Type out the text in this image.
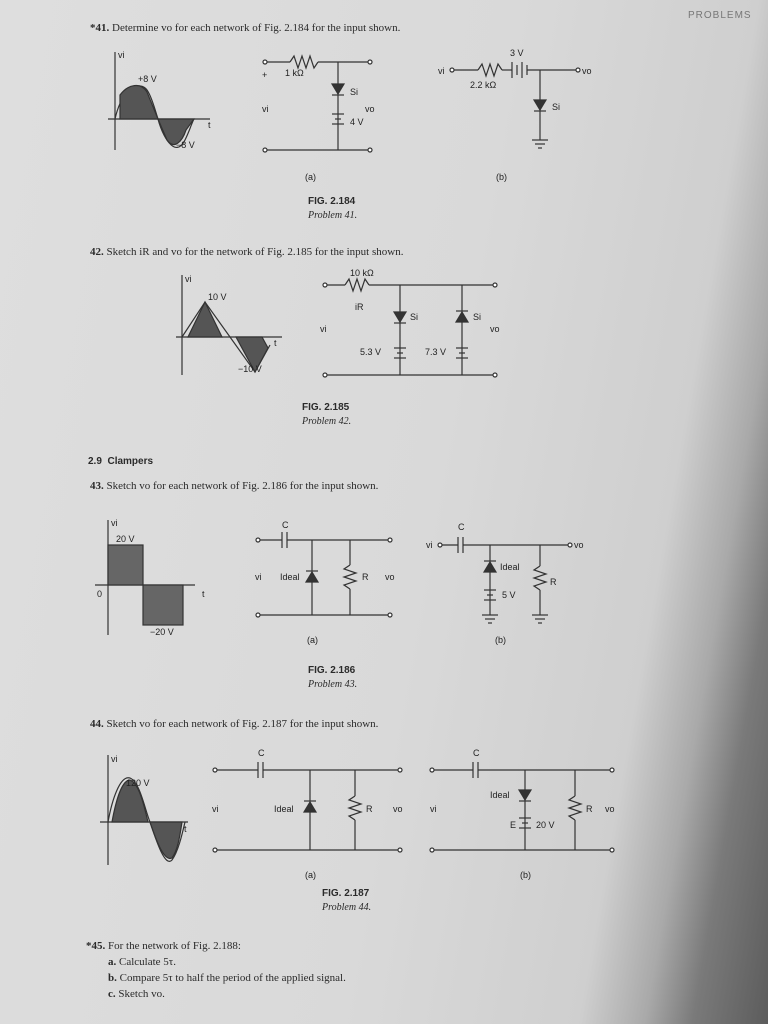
*41. Determine vo for each network of Fig. 2.184 for the input shown.
vi
+8 V
−8 V
t
1 kΩ
Si
4 V
+
vi	vo
(a)
vi	vo
2.2 kΩ
3 V
Si
(b)
vi
10 V
−10 V
t
10 kΩ
iR
Si	Si
5.3 V	7.3 V
vi	vo
vi
20 V
−20 V
0	t
C
Ideal	R
vi	vo
(a)
C
vi	vo
Ideal
5 V
R
(b)
vi
120 V
t
C
Ideal	R
vi	vo
(a)
C
Ideal
E 20 V
R
vi	vo
(b)
FIG. 2.184
Problem 41.
42. Sketch iR and vo for the network of Fig. 2.185 for the input shown.
FIG. 2.185
Problem 42.
2.9 Clampers
43. Sketch vo for each network of Fig. 2.186 for the input shown.
FIG. 2.186
Problem 43.
44. Sketch vo for each network of Fig. 2.187 for the input shown.
FIG. 2.187
Problem 44.
*45. For the network of Fig. 2.188:
a. Calculate 5τ.
b. Compare 5τ to half the period of the applied signal.
c. Sketch vo.
PROBLEMS
